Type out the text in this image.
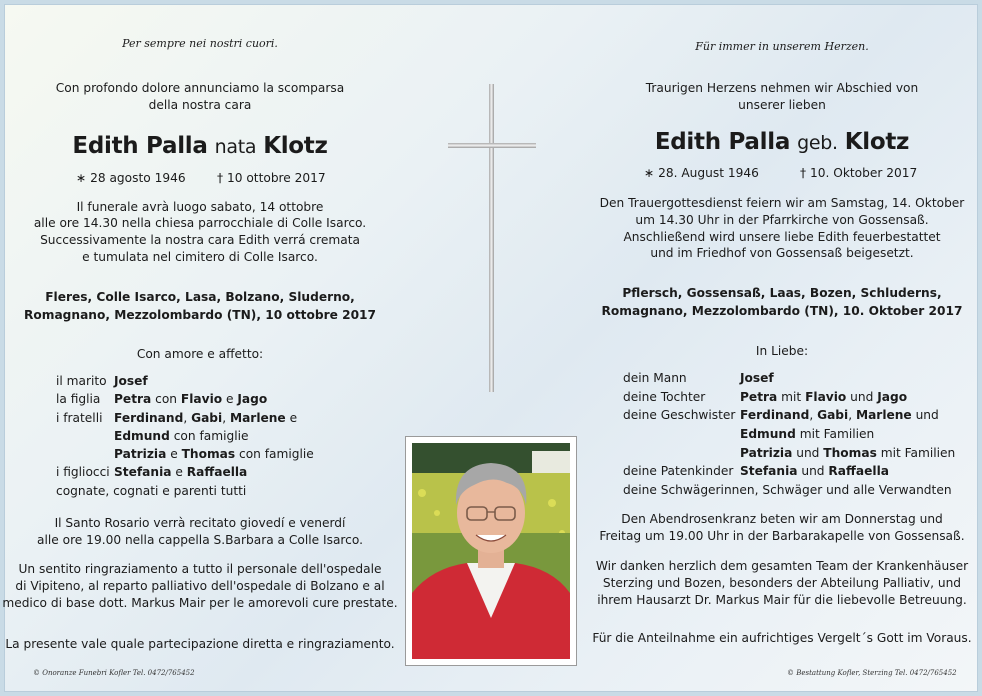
Per sempre nei nostri cuori.
Con profondo dolore annunciamo la scomparsa
della nostra cara
Edith Palla nata Klotz
∗ 28 agosto 1946	† 10 ottobre 2017
Il funerale avrà luogo sabato, 14 ottobre
alle ore 14.30 nella chiesa parrocchiale di Colle Isarco.
Successivamente la nostra cara Edith verrá cremata
e tumulata nel cimitero di Colle Isarco.
Fleres, Colle Isarco, Lasa, Bolzano, Sluderno,
Romagnano, Mezzolombardo (TN), 10 ottobre 2017
Con amore e affetto:
il marito Josef
la figlia Petra con Flavio e Jago
i fratelli Ferdinand, Gabi, Marlene e
Edmund con famiglie
Patrizia e Thomas con famiglie
i figliocci Stefania e Raffaella
cognate, cognati e parenti tutti
Il Santo Rosario verrà recitato giovedí e venerdí
alle ore 19.00 nella cappella S.Barbara a Colle Isarco.
Un sentito ringraziamento a tutto il personale dell'ospedale
di Vipiteno, al reparto palliativo dell'ospedale di Bolzano e al
medico di base dott. Markus Mair per le amorevoli cure prestate.
La presente vale quale partecipazione diretta e ringraziamento.
© Onoranze Funebri Kofler Tel. 0472/765452
Für immer in unserem Herzen.
Traurigen Herzens nehmen wir Abschied von
unserer lieben
Edith Palla geb. Klotz
∗ 28. August 1946	† 10. Oktober 2017
Den Trauergottesdienst feiern wir am Samstag, 14. Oktober
um 14.30 Uhr in der Pfarrkirche von Gossensaß.
Anschließend wird unsere liebe Edith feuerbestattet
und im Friedhof von Gossensaß beigesetzt.
Pflersch, Gossensaß, Laas, Bozen, Schluderns,
Romagnano, Mezzolombardo (TN), 10. Oktober 2017
In Liebe:
dein Mann	Josef
deine Tochter	Petra mit Flavio und Jago
deine Geschwister Ferdinand, Gabi, Marlene und
Edmund mit Familien
Patrizia und Thomas mit Familien
deine Patenkinder Stefania und Raffaella
deine Schwägerinnen, Schwäger und alle Verwandten
Den Abendrosenkranz beten wir am Donnerstag und
Freitag um 19.00 Uhr in der Barbarakapelle von Gossensaß.
Wir danken herzlich dem gesamten Team der Krankenhäuser
Sterzing und Bozen, besonders der Abteilung Palliativ, und
ihrem Hausarzt Dr. Markus Mair für die liebevolle Betreuung.
Für die Anteilnahme ein aufrichtiges Vergelt´s Gott im Voraus.
© Bestattung Kofler, Sterzing Tel. 0472/765452
